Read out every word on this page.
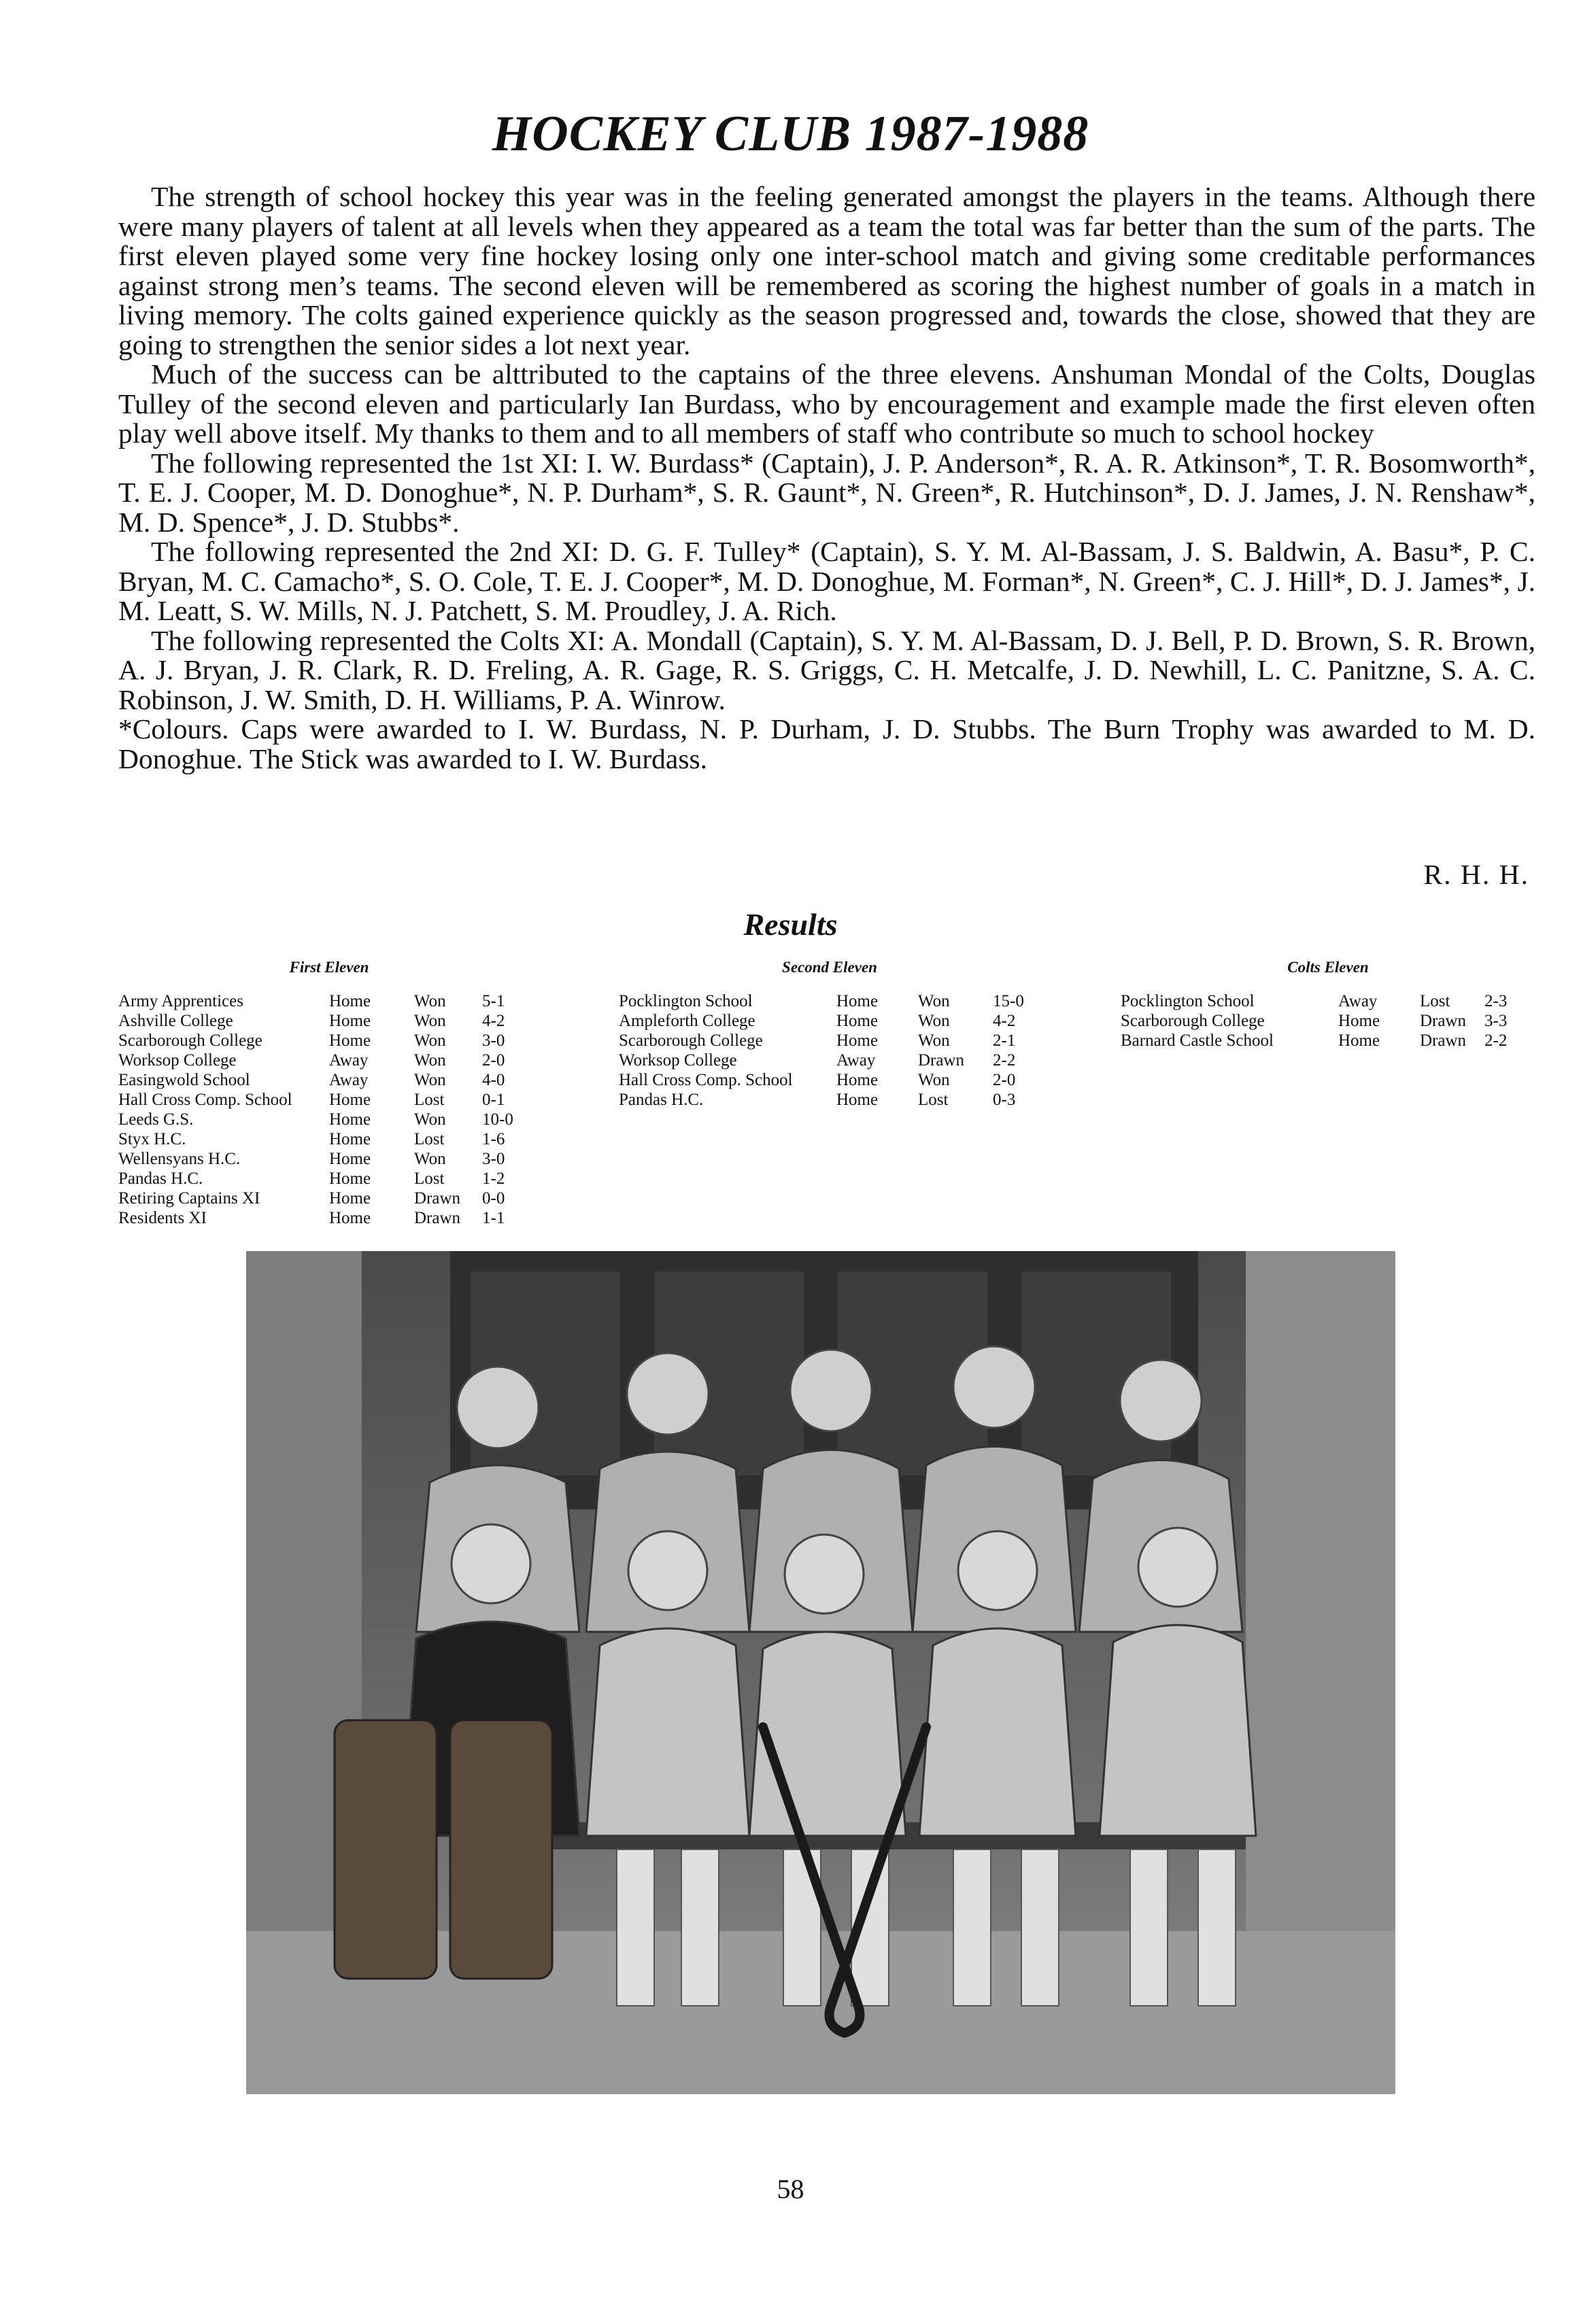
HOCKEY CLUB 1987-1988

The strength of school hockey this year was in the feeling generated amongst the players in the teams. Although there were many players of talent at all levels when they appeared as a team the total was far better than the sum of the parts. The first eleven played some very fine hockey losing only one inter-school match and giving some creditable performances against strong men’s teams. The second eleven will be remembered as scoring the highest number of goals in a match in living memory. The colts gained experience quickly as the season progressed and, towards the close, showed that they are going to strengthen the senior sides a lot next year.

Much of the success can be alttributed to the captains of the three elevens. Anshuman Mondal of the Colts, Douglas Tulley of the second eleven and particularly Ian Burdass, who by encouragement and example made the first eleven often play well above itself. My thanks to them and to all members of staff who contribute so much to school hockey

The following represented the 1st XI: I. W. Burdass* (Captain), J. P. Anderson*, R. A. R. Atkinson*, T. R. Bosomworth*, T. E. J. Cooper, M. D. Donoghue*, N. P. Durham*, S. R. Gaunt*, N. Green*, R. Hutchinson*, D. J. James, J. N. Renshaw*, M. D. Spence*, J. D. Stubbs*.

The following represented the 2nd XI: D. G. F. Tulley* (Captain), S. Y. M. Al-Bassam, J. S. Baldwin, A. Basu*, P. C. Bryan, M. C. Camacho*, S. O. Cole, T. E. J. Cooper*, M. D. Donoghue, M. Forman*, N. Green*, C. J. Hill*, D. J. James*, J. M. Leatt, S. W. Mills, N. J. Patchett, S. M. Proudley, J. A. Rich.

The following represented the Colts XI: A. Mondall (Captain), S. Y. M. Al-Bassam, D. J. Bell, P. D. Brown, S. R. Brown, A. J. Bryan, J. R. Clark, R. D. Freling, A. R. Gage, R. S. Griggs, C. H. Metcalfe, J. D. Newhill, L. C. Panitzne, S. A. C. Robinson, J. W. Smith, D. H. Williams, P. A. Winrow.

*Colours. Caps were awarded to I. W. Burdass, N. P. Durham, J. D. Stubbs. The Burn Trophy was awarded to M. D. Donoghue. The Stick was awarded to I. W. Burdass.

R. H. H.
Results
First Eleven
Army Apprentices	Home	Won	5-1
Ashville College	Home	Won	4-2
Scarborough College	Home	Won	3-0
Worksop College	Away	Won	2-0
Easingwold School	Away	Won	4-0
Hall Cross Comp. School	Home	Lost	0-1
Leeds G.S.	Home	Won	10-0
Styx H.C.	Home	Lost	1-6
Wellensyans H.C.	Home	Won	3-0
Pandas H.C.	Home	Lost	1-2
Retiring Captains XI	Home	Drawn	0-0
Residents XI	Home	Drawn	1-1
Second Eleven
Pocklington School	Home	Won	15-0
Ampleforth College	Home	Won	4-2
Scarborough College	Home	Won	2-1
Worksop College	Away	Drawn	2-2
Hall Cross Comp. School	Home	Won	2-0
Pandas H.C.	Home	Lost	0-3
Colts Eleven
Pocklington School	Away	Lost	2-3
Scarborough College	Home	Drawn	3-3
Barnard Castle School	Home	Drawn	2-2
58
